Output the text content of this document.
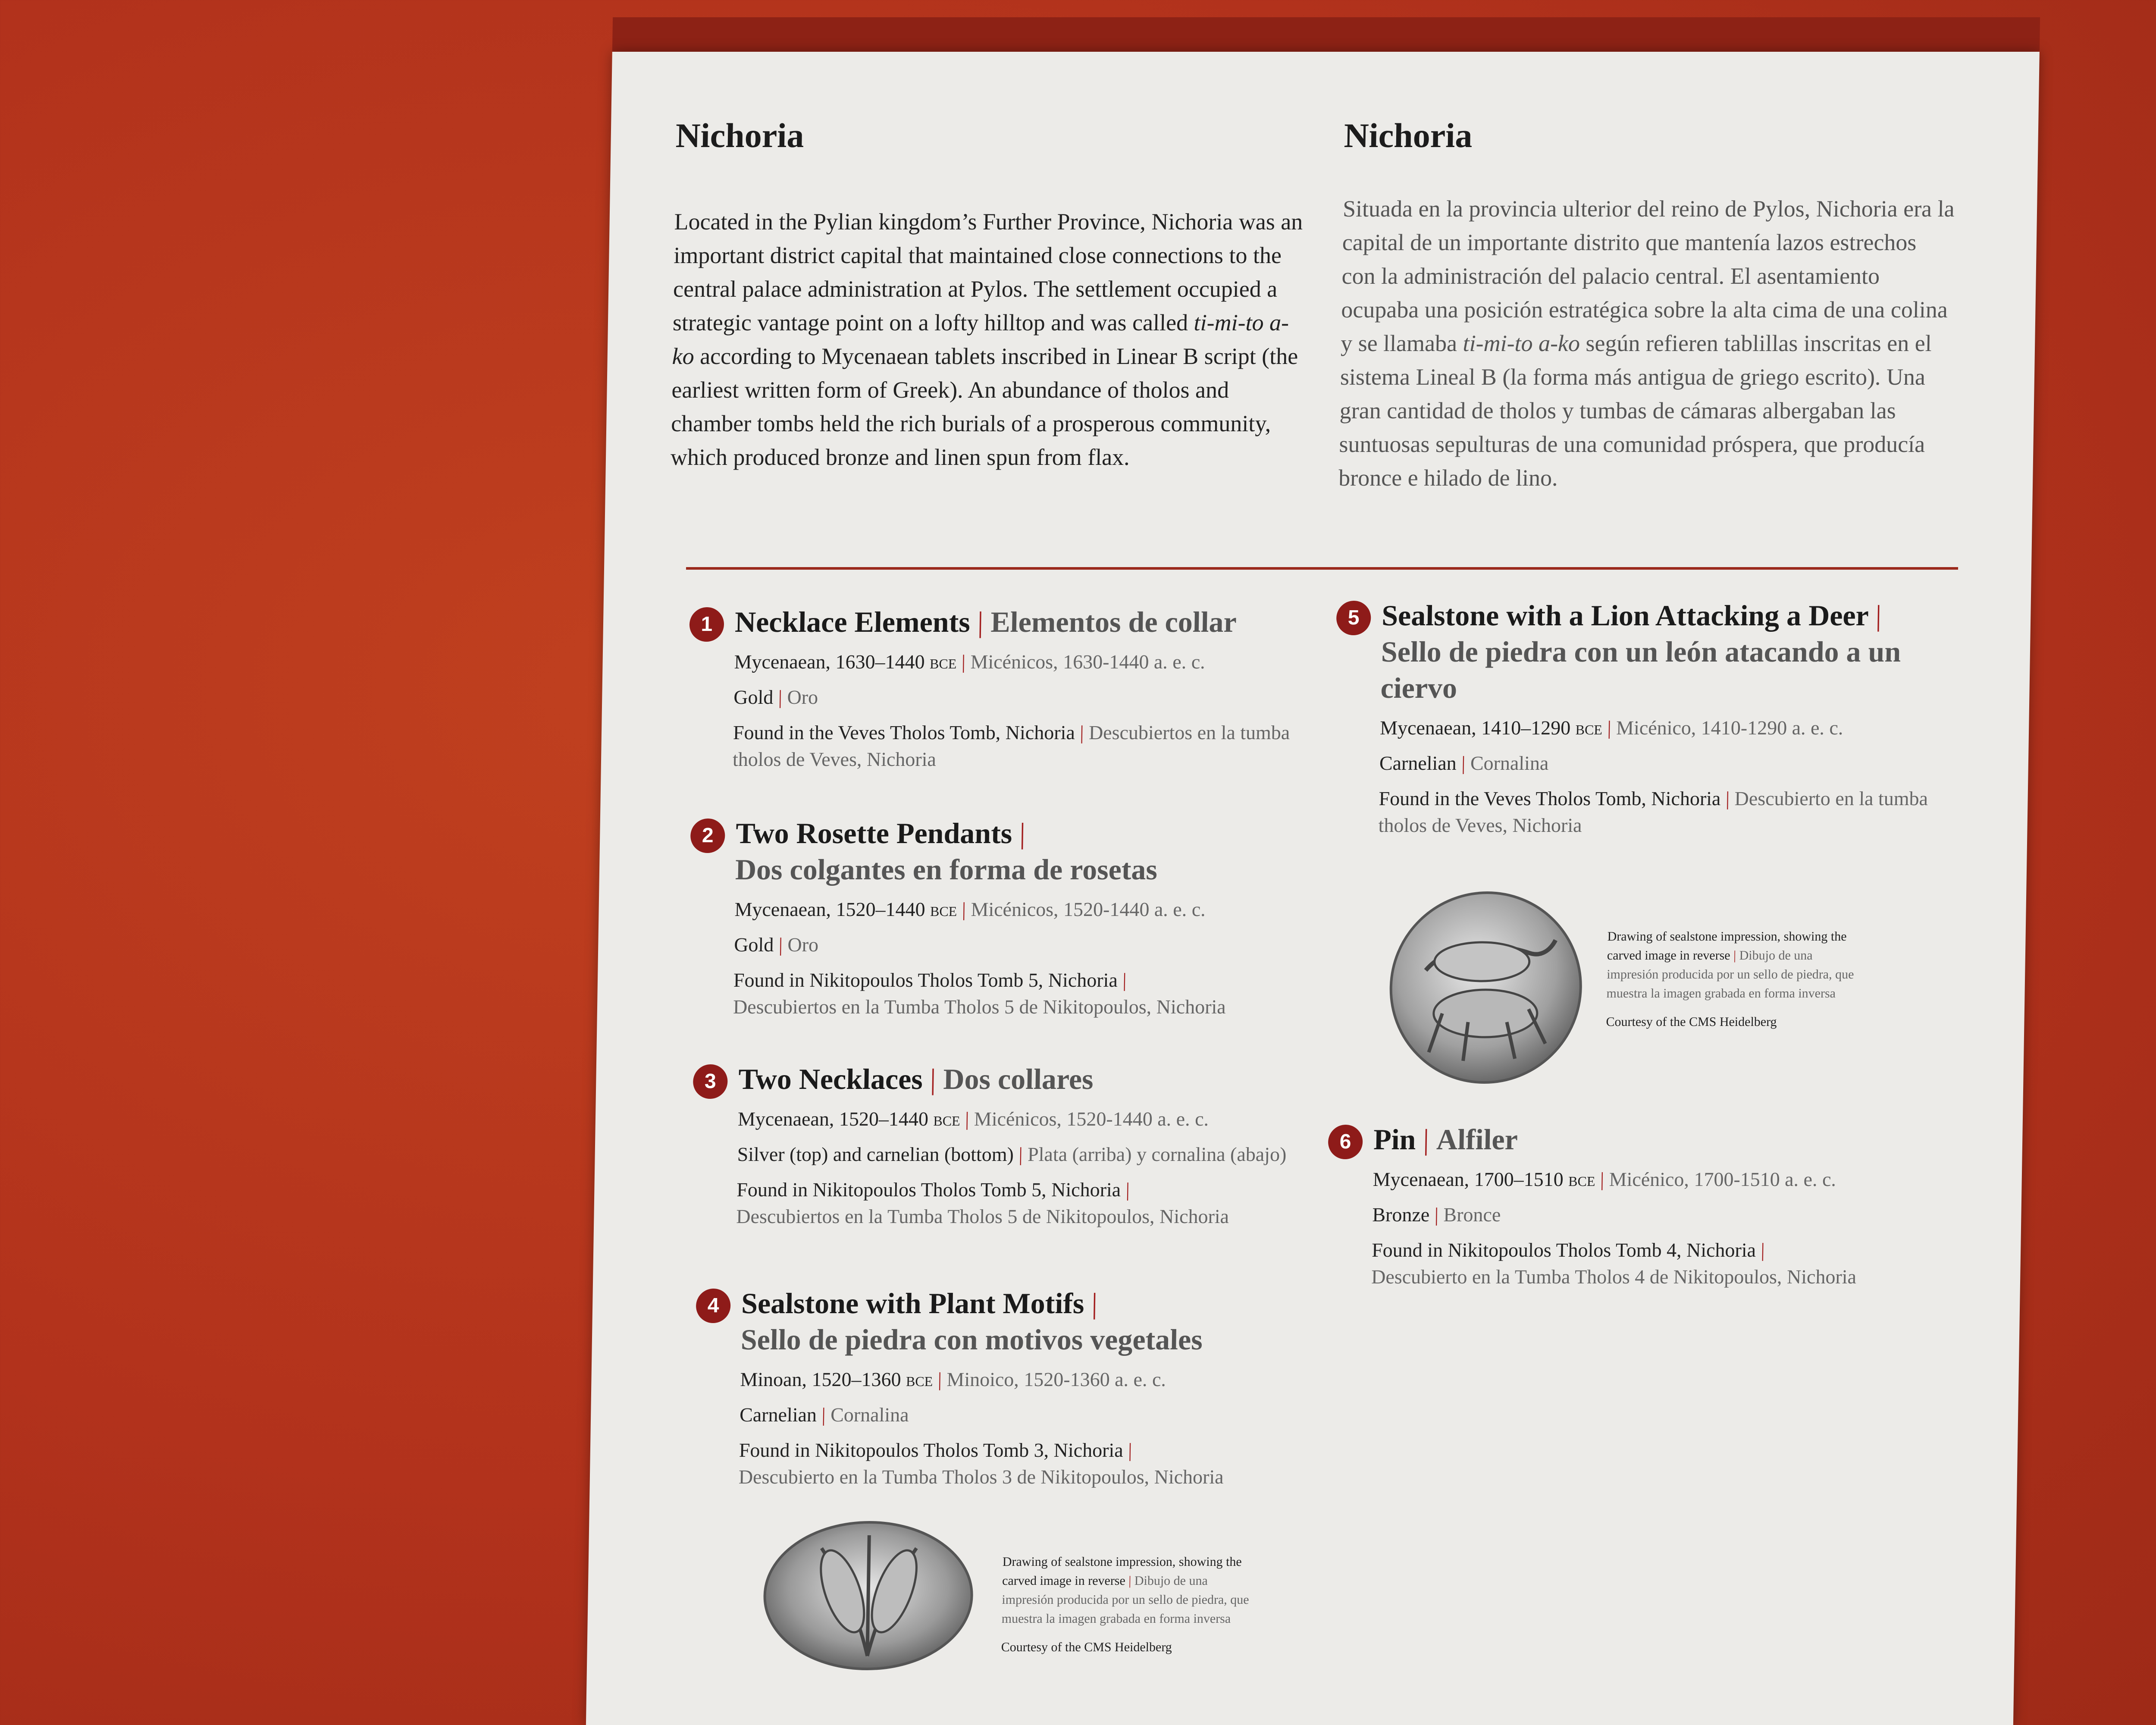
Nichoria	Nichoria
Located in the Pylian kingdom’s Further Province, Nichoria was an important district capital that maintained close connections to the central palace administration at Pylos. The settlement occupied a strategic vantage point on a lofty hilltop and was called ti-mi-to a-ko according to Mycenaean tablets inscribed in Linear B script (the earliest written form of Greek). An abundance of tholos and chamber tombs held the rich burials of a prosperous community, which produced bronze and linen spun from flax.
Situada en la provincia ulterior del reino de Pylos, Nichoria era la capital de un importante distrito que mantenía lazos estrechos con la administración del palacio central. El asentamiento ocupaba una posición estratégica sobre la alta cima de una colina y se llamaba ti-mi-to a-ko según refieren tablillas inscritas en el sistema Lineal B (la forma más antigua de griego escrito). Una gran cantidad de tholos y tumbas de cámaras albergaban las suntuosas sepulturas de una comunidad próspera, que producía bronce e hilado de lino.
1 Necklace Elements | Elementos de collar
Mycenaean, 1630–1440 bce | Micénicos, 1630-1440 a. e. c.
Gold | Oro
Found in the Veves Tholos Tomb, Nichoria | Descubiertos en la tumba tholos de Veves, Nichoria
2 Two Rosette Pendants |
Dos colgantes en forma de rosetas
Mycenaean, 1520–1440 bce | Micénicos, 1520-1440 a. e. c.
Gold | Oro
Found in Nikitopoulos Tholos Tomb 5, Nichoria |
Descubiertos en la Tumba Tholos 5 de Nikitopoulos, Nichoria
3 Two Necklaces | Dos collares
Mycenaean, 1520–1440 bce | Micénicos, 1520-1440 a. e. c.
Silver (top) and carnelian (bottom) | Plata (arriba) y cornalina (abajo)
Found in Nikitopoulos Tholos Tomb 5, Nichoria |
Descubiertos en la Tumba Tholos 5 de Nikitopoulos, Nichoria
4 Sealstone with Plant Motifs |
Sello de piedra con motivos vegetales
Minoan, 1520–1360 bce | Minoico, 1520-1360 a. e. c.
Carnelian | Cornalina
Found in Nikitopoulos Tholos Tomb 3, Nichoria |
Descubierto en la Tumba Tholos 3 de Nikitopoulos, Nichoria
Drawing of sealstone impression, showing the carved image in reverse | Dibujo de una impresión producida por un sello de piedra, que muestra la imagen grabada en forma inversa
Courtesy of the CMS Heidelberg
5 Sealstone with a Lion Attacking a Deer |
Sello de piedra con un león atacando a un ciervo
Mycenaean, 1410–1290 bce | Micénico, 1410-1290 a. e. c.
Carnelian | Cornalina
Found in the Veves Tholos Tomb, Nichoria | Descubierto en la tumba tholos de Veves, Nichoria
Drawing of sealstone impression, showing the carved image in reverse | Dibujo de una impresión producida por un sello de piedra, que muestra la imagen grabada en forma inversa
Courtesy of the CMS Heidelberg
6 Pin | Alfiler
Mycenaean, 1700–1510 bce | Micénico, 1700-1510 a. e. c.
Bronze | Bronce
Found in Nikitopoulos Tholos Tomb 4, Nichoria |
Descubierto en la Tumba Tholos 4 de Nikitopoulos, Nichoria
